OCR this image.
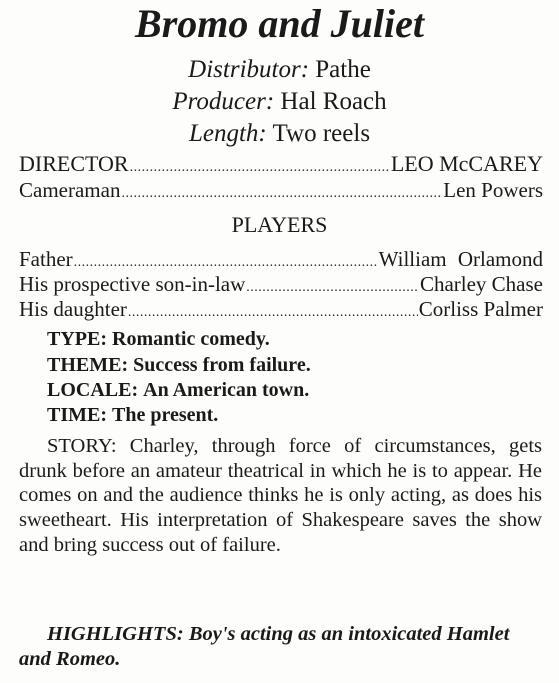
Bromo and Juliet
Distributor: Pathe
Producer: Hal Roach
Length: Two reels
DIRECTOR .....	LEO McCAREY
Cameraman .....	Len Powers
PLAYERS
Father .....	William Orlamond
His prospective son-in-law .....	Charley Chase
His daughter .....	Corliss Palmer
TYPE: Romantic comedy.
THEME: Success from failure.
LOCALE: An American town.
TIME: The present.
STORY: Charley, through force of circumstances, gets drunk before an amateur theatrical in which he is to appear. He comes on and the audience thinks he is only acting, as does his sweetheart. His interpretation of Shakespeare saves the show and bring success out of failure.
HIGHLIGHTS: Boy's acting as an intoxicated Hamlet and Romeo.
